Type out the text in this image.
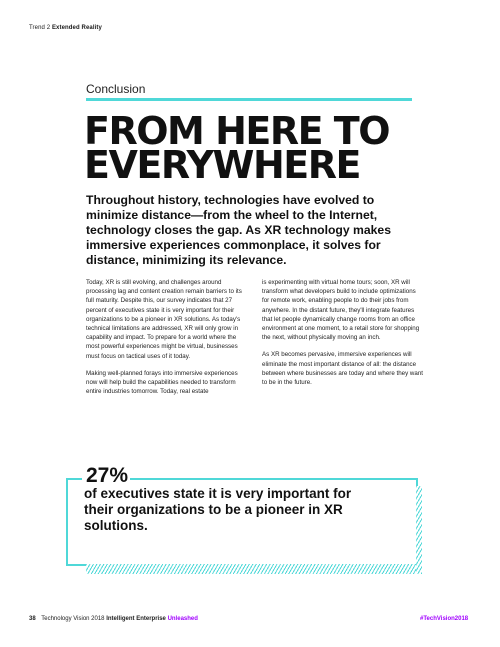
Trend 2 Extended Reality
Conclusion
FROM HERE TO
EVERYWHERE
Throughout history, technologies have evolved to minimize distance—from the wheel to the Internet, technology closes the gap. As XR technology makes immersive experiences commonplace, it solves for distance, minimizing its relevance.

Today, XR is still evolving, and challenges around processing lag and content creation remain barriers to its full maturity. Despite this, our survey indicates that 27 percent of executives state it is very important for their organizations to be a pioneer in XR solutions. As today's technical limitations are addressed, XR will only grow in capability and impact. To prepare for a world where the most powerful experiences might be virtual, businesses must focus on tactical uses of it today.

Making well-planned forays into immersive experiences now will help build the capabilities needed to transform entire industries tomorrow. Today, real estate

is experimenting with virtual home tours; soon, XR will transform what developers build to include optimizations for remote work, enabling people to do their jobs from anywhere. In the distant future, they'll integrate features that let people dynamically change rooms from an office environment at one moment, to a retail store for shopping the next, without physically moving an inch.

As XR becomes pervasive, immersive experiences will eliminate the most important distance of all: the distance between where businesses are today and where they want to be in the future.

27%
of executives state it is very important for their organizations to be a pioneer in XR solutions.
38 Technology Vision 2018 Intelligent Enterprise Unleashed	#TechVision2018
